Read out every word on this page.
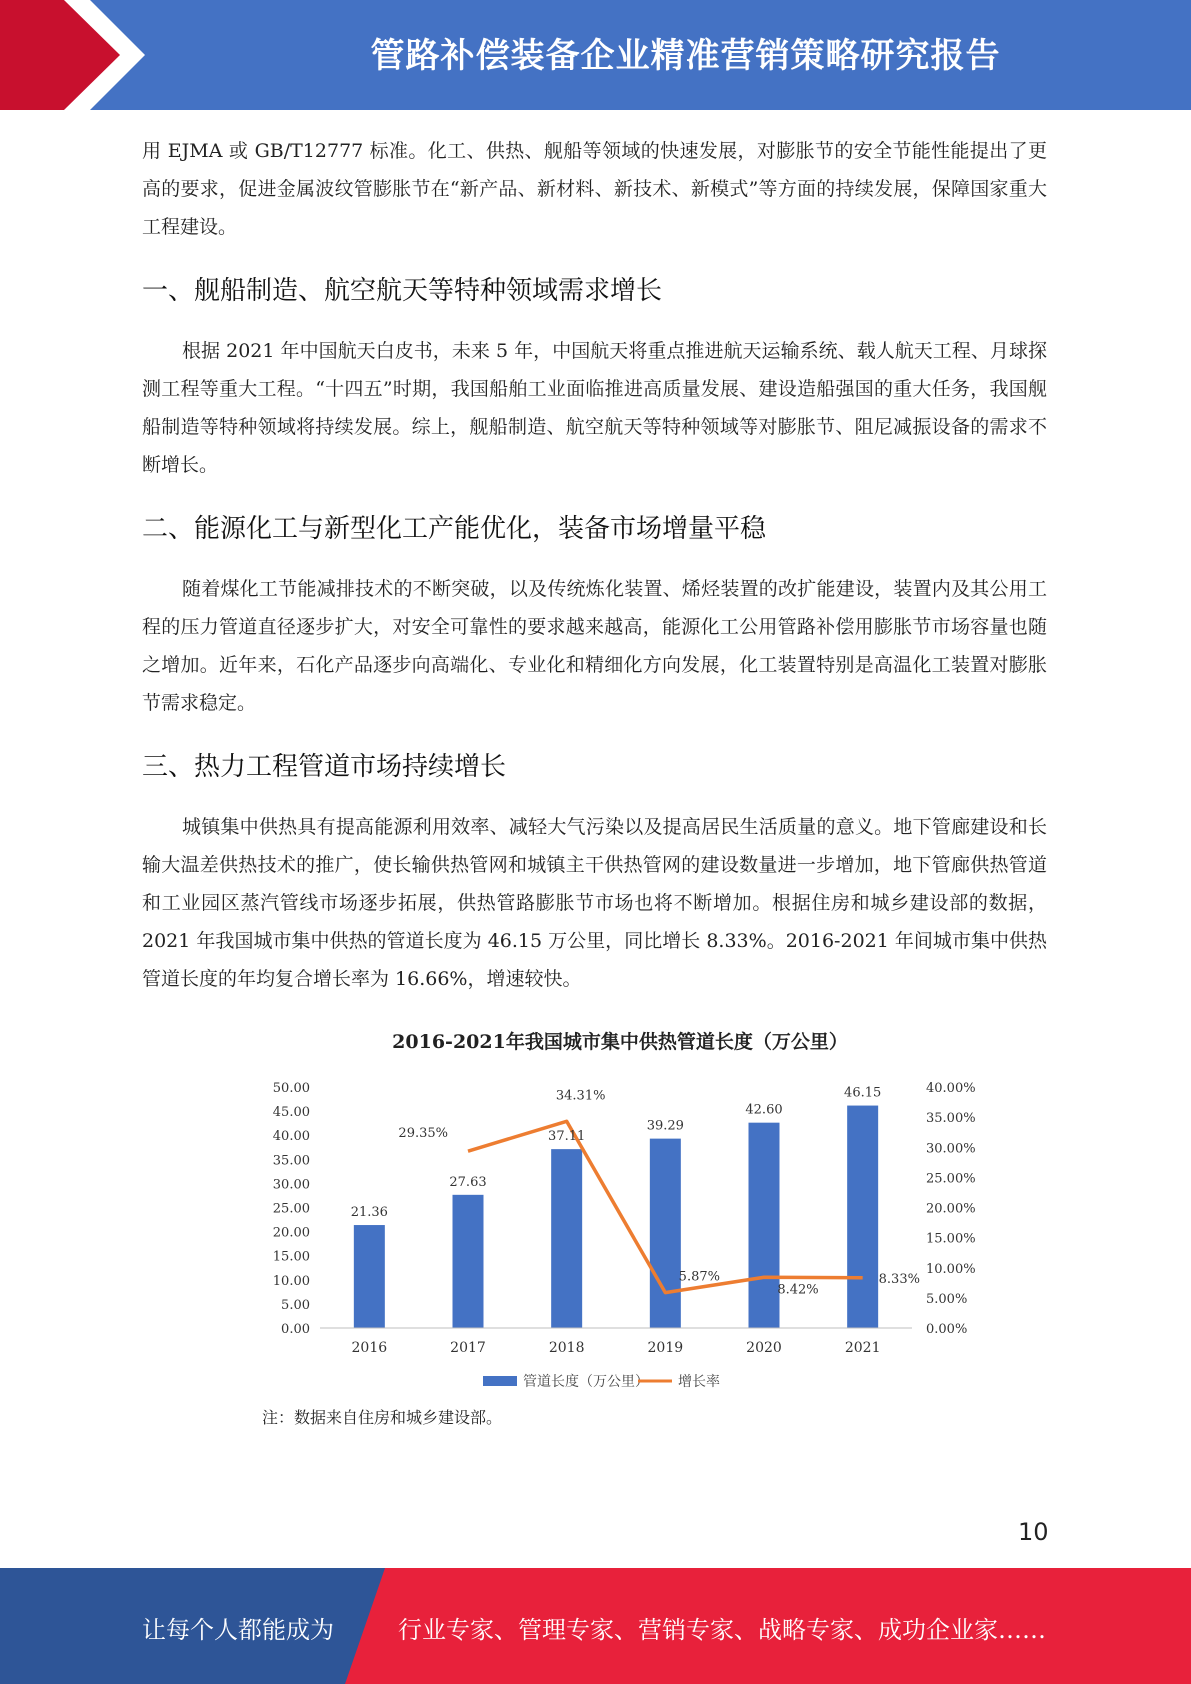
管路补偿装备企业精准营销策略研究报告

用 EJMA 或 GB/T12777 标准。化工、供热、舰船等领域的快速发展，对膨胀节的安全节能性能提出了更高的要求，促进金属波纹管膨胀节在“新产品、新材料、新技术、新模式”等方面的持续发展，保障国家重大工程建设。

一、舰船制造、航空航天等特种领域需求增长

根据 2021 年中国航天白皮书，未来 5 年，中国航天将重点推进航天运输系统、载人航天工程、月球探测工程等重大工程。“十四五”时期，我国船舶工业面临推进高质量发展、建设造船强国的重大任务，我国舰船制造等特种领域将持续发展。综上，舰船制造、航空航天等特种领域等对膨胀节、阻尼减振设备的需求不断增长。

二、能源化工与新型化工产能优化，装备市场增量平稳

随着煤化工节能减排技术的不断突破，以及传统炼化装置、烯烃装置的改扩能建设，装置内及其公用工程的压力管道直径逐步扩大，对安全可靠性的要求越来越高，能源化工公用管路补偿用膨胀节市场容量也随之增加。近年来，石化产品逐步向高端化、专业化和精细化方向发展，化工装置特别是高温化工装置对膨胀节需求稳定。

三、热力工程管道市场持续增长

城镇集中供热具有提高能源利用效率、减轻大气污染以及提高居民生活质量的意义。地下管廊建设和长输大温差供热技术的推广，使长输供热管网和城镇主干供热管网的建设数量进一步增加，地下管廊供热管道和工业园区蒸汽管线市场逐步拓展，供热管路膨胀节市场也将不断增加。根据住房和城乡建设部的数据，2021 年我国城市集中供热的管道长度为 46.15 万公里，同比增长 8.33%。2016-2021 年间城市集中供热管道长度的年均复合增长率为 16.66%，增速较快。

2016-2021年我国城市集中供热管道长度（万公里）
21.36
27.63
37.11
39.29
42.60
46.15
29.35%
34.31%
5.87%
8.42%
8.33%
0.00
5.00
10.00
15.00
20.00
25.00
30.00
35.00
40.00
45.00
50.00
0.00%
5.00%
10.00%
15.00%
20.00%
25.00%
30.00%
35.00%
40.00%
2016	2017	2018	2019	2020	2021
管道长度（万公里） 增长率
注：数据来自住房和城乡建设部。
10
让每个人都能成为	行业专家、管理专家、营销专家、战略专家、成功企业家……
